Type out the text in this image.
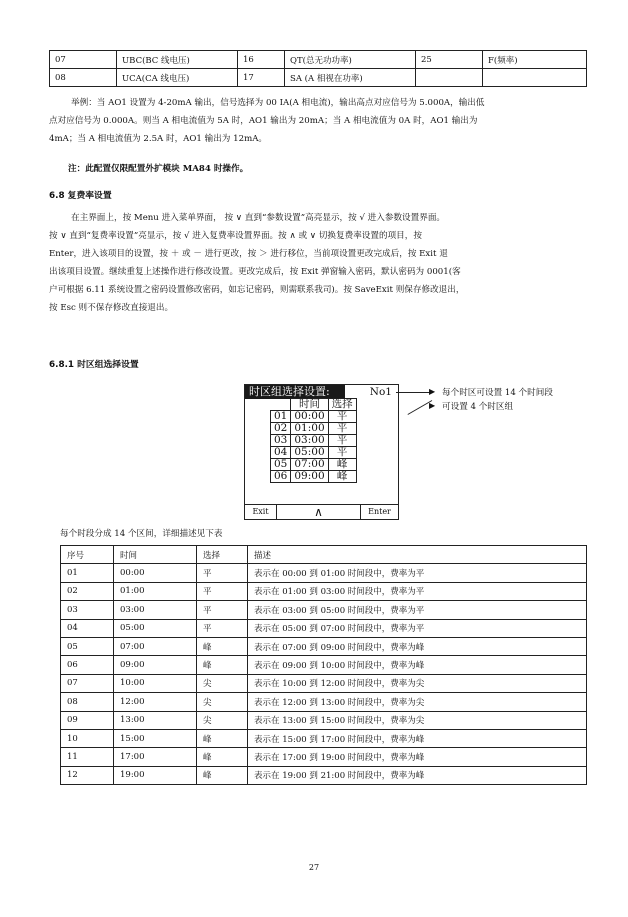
07	UBC(BC 线电压)	16	QT(总无功功率)	25	F(频率)
08	UCA(CA 线电压)	17	SA (A 相视在功率)		
举例：当 AO1 设置为 4-20mA 输出，信号选择为 00 IA(A 相电流)，输出高点对应信号为 5.000A，输出低
点对应信号为 0.000A。则当 A 相电流值为 5A 时，AO1 输出为 20mA；当 A 相电流值为 0A 时，AO1 输出为
4mA；当 A 相电流值为 2.5A 时，AO1 输出为 12mA。
注：此配置仅限配置外扩模块 MA84 时操作。
6.8 复费率设置
在主界面上，按 Menu 进入菜单界面， 按 ∨ 直到“参数设置”高亮显示，按 √ 进入参数设置界面。
按 ∨ 直到“复费率设置”亮显示，按 √ 进入复费率设置界面。按 ∧ 或 ∨ 切换复费率设置的项目，按
Enter，进入该项目的设置，按 ＋ 或 － 进行更改，按 ＞ 进行移位，当前项设置更改完成后，按 Exit 退
出该项目设置。继续重复上述操作进行修改设置。更改完成后，按 Exit 弹窗输入密码，默认密码为 0001(客
户可根据 6.11 系统设置之密码设置修改密码，如忘记密码，则需联系我司)。按 SaveExit 则保存修改退出，
按 Esc 则不保存修改直接退出。
6.8.1 时区组选择设置
时区组选择设置:	No1
	时间	选择
01	00:00	平
02	01:00	平
03	03:00	平
04	05:00	平
05	07:00	峰
06	09:00	峰
Exit	∧	Enter
▶ 每个时区可设置 14 个时间段
▶ 可设置 4 个时区组
每个时段分成 14 个区间，详细描述见下表
序号	时间	选择	描述
01	00:00	平	表示在 00:00 到 01:00 时间段中，费率为平
02	01:00	平	表示在 01:00 到 03:00 时间段中，费率为平
03	03:00	平	表示在 03:00 到 05:00 时间段中，费率为平
04	05:00	平	表示在 05:00 到 07:00 时间段中，费率为平
05	07:00	峰	表示在 07:00 到 09:00 时间段中，费率为峰
06	09:00	峰	表示在 09:00 到 10:00 时间段中，费率为峰
07	10:00	尖	表示在 10:00 到 12:00 时间段中，费率为尖
08	12:00	尖	表示在 12:00 到 13:00 时间段中，费率为尖
09	13:00	尖	表示在 13:00 到 15:00 时间段中，费率为尖
10	15:00	峰	表示在 15:00 到 17:00 时间段中，费率为峰
11	17:00	峰	表示在 17:00 到 19:00 时间段中，费率为峰
12	19:00	峰	表示在 19:00 到 21:00 时间段中，费率为峰
27
